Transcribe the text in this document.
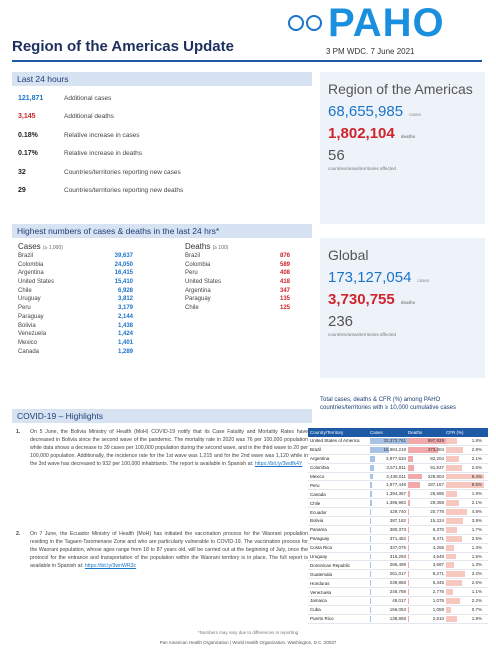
PAHO
Region of the Americas Update	3 PM WDC. 7 June 2021
Last 24 hours
121,871	Additional cases
3,145	Additional deaths
0.18%	Relative increase in cases
0.17%	Relative increase in deaths
32	Countries/territories reporting new cases
29	Countries/territories reporting new deaths
Highest numbers of cases & deaths in the last 24 hrs*
Cases (≥ 1,000)
Brazil	39,637
Colombia	24,050
Argentina	16,415
United States	15,410
Chile	6,928
Uruguay	3,812
Peru	3,179
Paraguay	2,144
Bolivia	1,438
Venezuela	1,424
Mexico	1,401
Canada	1,289
Deaths (≥ 100)
Brazil	876
Colombia	589
Peru	408
United States	418
Argentina	347
Paraguay	135
Chile	125
COVID-19 – Highlights
1. On 5 June, the Bolivia Ministry of Health (MoH) COVID-19 notify that its Case Fatality and Mortality Rates have decreased in Bolivia since the second wave of the pandemic. The mortality rate in 2020 was 76 per 100,000 population while data shows a decrease to 39 cases per 100,000 population during the second wave, and in the third wave to 20 per 100,000 population. Additionally, the incidence rate for the 1st wave was 1,215 and for the 2nd wave was 1,120 while in the 3rd wave has decreased to 932 per 100,000 inhabitants. The report is available in Spanish at: https://bit.ly/3wdfk4Y
2. On 7 June, the Ecuador Ministry of Health (MoH) has initiated the vaccination process for the Waorani population residing in the Tagaeri-Taromenane Zone and who are particularly vulnerable to COVID-19. The vaccination process for the Waorani population, whose ages range from 18 to 87 years old, will be carried out at the beginning of July, once the protocol for the entrance and transportation of the population within the Waorani territory is in place. The full report is available in Spanish at: https://bit.ly/3wnWR3c
Region of the Americas
68,655,985 cases
1,802,104 deaths
56
countries/areas/territories affected
Global
173,127,054 cases
3,730,755 deaths
236
countries/areas/territories affected
Total cases, deaths & CFR (%) among PAHO countries/territories with ≥ 10,000 cumulative cases
Country/Territory	Cases	Deaths	CFR (%)
United States of America	33,373,761	597,929	1.8%
Brazil	16,984,218	473,404	2.8%
Argentina	3,977,634	82,204	2.1%
Colombia	3,571,811	91,537	2.6%
Mexico	2,438,011	228,804	9.4%
Peru	1,977,448	187,157	9.5%
Canada	1,394,367	25,586	1.8%
Chile	1,396,982	29,358	2.1%
Ecuador	429,740	20,778	4.8%
Bolivia	387,182	15,224	3.9%
Panama	380,373	6,370	1.7%
Paraguay	371,452	9,471	2.5%
Costa Rica	337,075	4,265	1.3%
Uruguay	316,293	4,648	1.5%
Dominican Republic	286,499	3,697	1.3%
Guatemala	261,017	8,271	3.2%
Honduras	239,858	6,345	2.6%
Venezuela	246,788	2,776	1.1%
Jamaica	49,017	1,075	2.2%
Cuba	156,053	1,059	0.7%
Puerto Rico	138,858	2,510	1.8%
*Numbers may vary due to differences in reporting
Pan American Health Organization | World Health Organization. Washington, D.C. 20037
